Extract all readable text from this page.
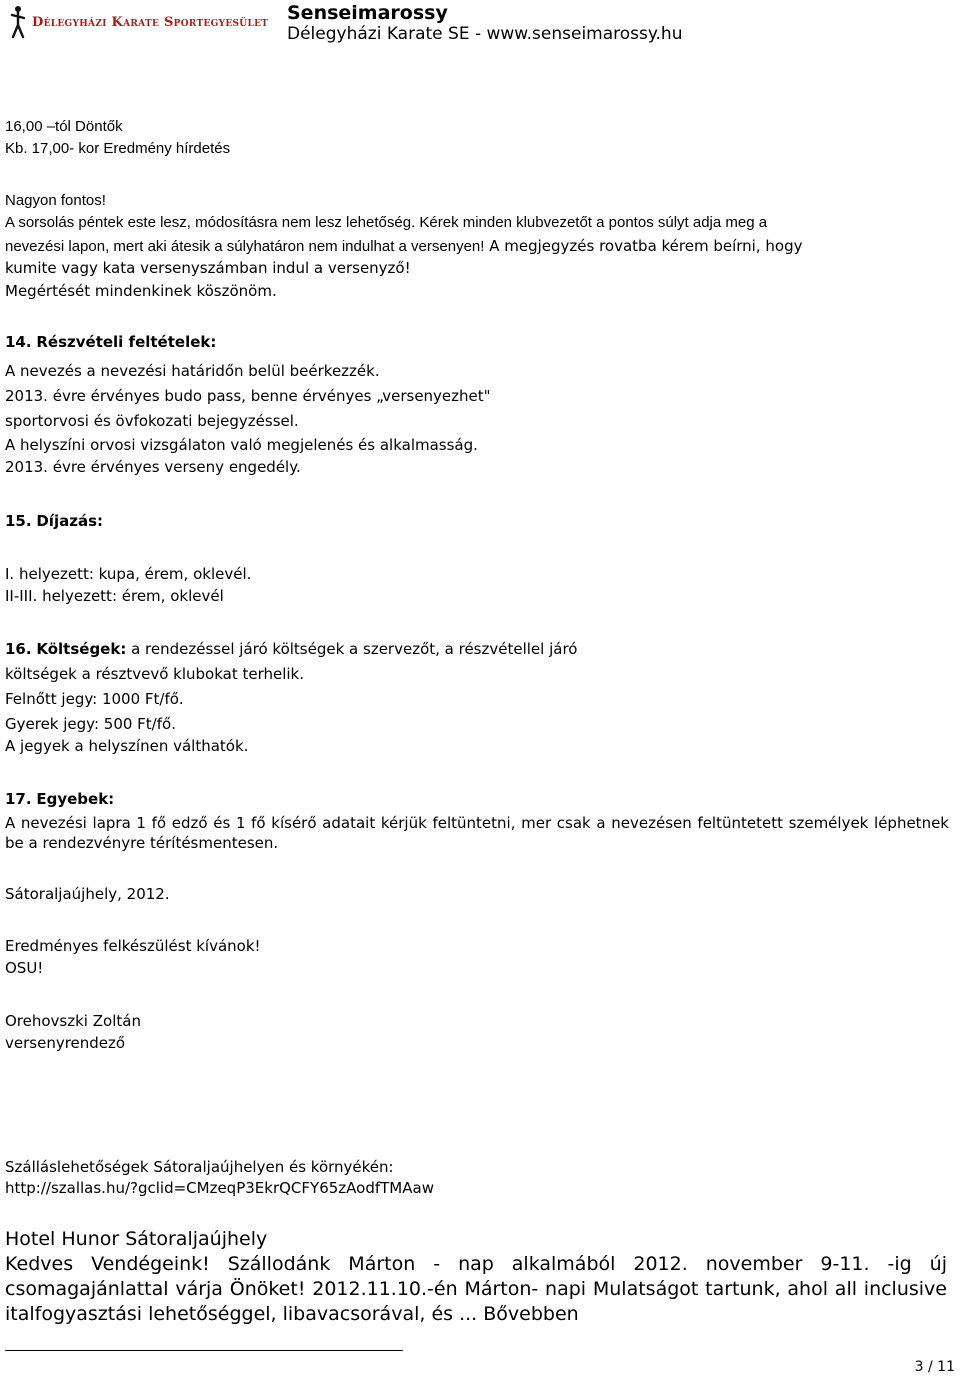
Délegyházi Karate Sportegyesület Senseimarossy
Délegyházi Karate SE - www.senseimarossy.hu
16,00 –tól Döntők
Kb. 17,00- kor Eredmény hírdetés
Nagyon fontos!
A sorsolás péntek este lesz, módosításra nem lesz lehetőség. Kérek minden klubvezetőt a pontos súlyt adja meg a
nevezési lapon, mert aki átesik a súlyhatáron nem indulhat a versenyen! A megjegyzés rovatba kérem beírni, hogy
kumite vagy kata versenyszámban indul a versenyző!
Megértését mindenkinek köszönöm.
14. Részvételi feltételek:
A nevezés a nevezési határidőn belül beérkezzék.
2013. évre érvényes budo pass, benne érvényes „versenyezhet"
sportorvosi és övfokozati bejegyzéssel.
A helyszíni orvosi vizsgálaton való megjelenés és alkalmasság.
2013. évre érvényes verseny engedély.
15. Díjazás:
I. helyezett: kupa, érem, oklevél.
II-III. helyezett: érem, oklevél
16. Költségek: a rendezéssel járó költségek a szervezőt, a részvétellel járó
költségek a résztvevő klubokat terhelik.
Felnőtt jegy: 1000 Ft/fő.
Gyerek jegy: 500 Ft/fő.
A jegyek a helyszínen válthatók.
17. Egyebek:
A nevezési lapra 1 fő edző és 1 fő kísérő adatait kérjük feltüntetni, mer csak a nevezésen feltüntetett személyek léphetnek be a rendezvényre térítésmentesen.
Sátoraljaújhely, 2012.
Eredményes felkészülést kívánok!
OSU!
Orehovszki Zoltán
versenyrendező
Szálláslehetőségek Sátoraljaújhelyen és környékén:
http://szallas.hu/?gclid=CMzeqP3EkrQCFY65zAodfTMAaw
Hotel Hunor Sátoraljaújhely
Kedves Vendégeink! Szállodánk Márton - nap alkalmából 2012. november 9-11. -ig új csomagajánlattal várja Önöket! 2012.11.10.-én Márton- napi Mulatságot tartunk, ahol all inclusive italfogyasztási lehetőséggel, libavacsorával, és ... Bővebben
3 / 11
